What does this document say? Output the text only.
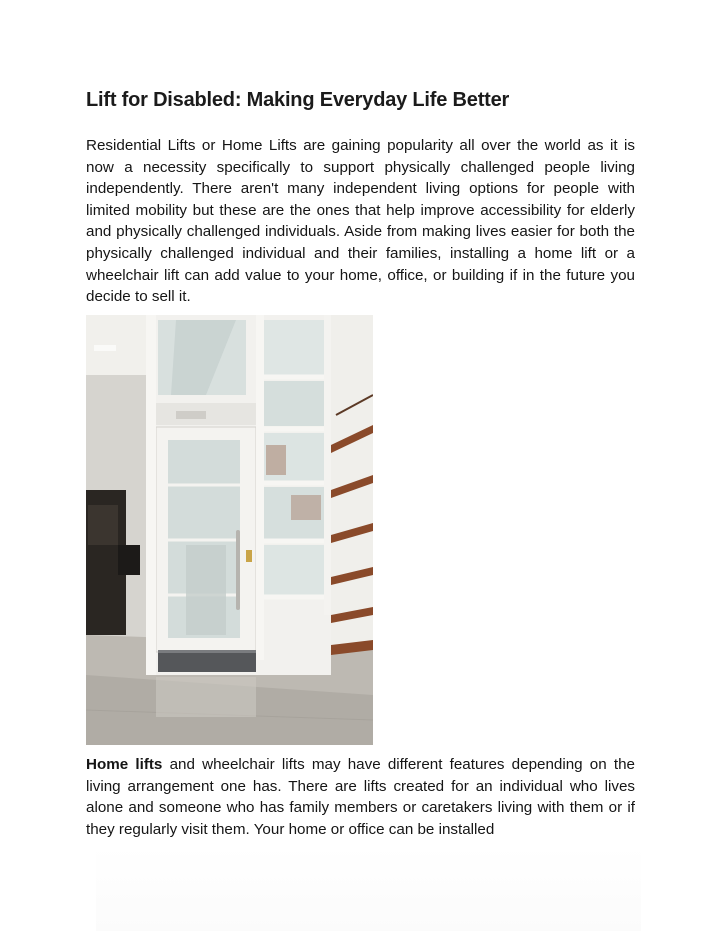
Lift for Disabled: Making Everyday Life Better

Residential Lifts or Home Lifts are gaining popularity all over the world as it is now a necessity specifically to support physically challenged people living independently. There aren't many independent living options for people with limited mobility but these are the ones that help improve accessibility for elderly and physically challenged individuals. Aside from making lives easier for both the physically challenged individual and their families, installing a home lift or a wheelchair lift can add value to your home, office, or building if in the future you decide to sell it.

Home lifts and wheelchair lifts may have different features depending on the living arrangement one has. There are lifts created for an individual who lives alone and someone who has family members or caretakers living with them or if they regularly visit them. Your home or office can be installed
